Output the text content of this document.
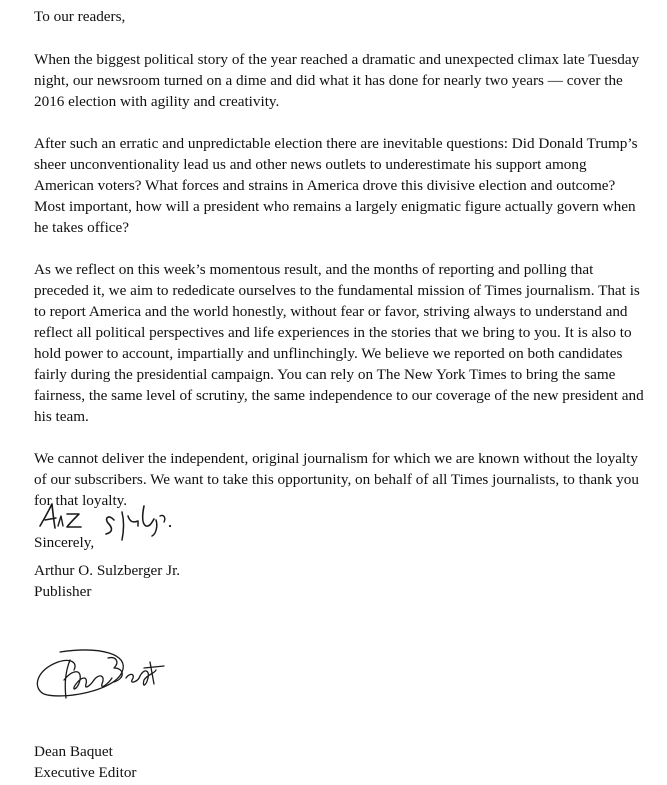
To our readers,

When the biggest political story of the year reached a dramatic and unexpected climax late Tuesday night, our newsroom turned on a dime and did what it has done for nearly two years — cover the 2016 election with agility and creativity.

After such an erratic and unpredictable election there are inevitable questions: Did Donald Trump’s sheer unconventionality lead us and other news outlets to underestimate his support among American voters? What forces and strains in America drove this divisive election and outcome? Most important, how will a president who remains a largely enigmatic figure actually govern when he takes office?

As we reflect on this week’s momentous result, and the months of reporting and polling that preceded it, we aim to rededicate ourselves to the fundamental mission of Times journalism. That is to report America and the world honestly, without fear or favor, striving always to understand and reflect all political perspectives and life experiences in the stories that we bring to you. It is also to hold power to account, impartially and unflinchingly. We believe we reported on both candidates fairly during the presidential campaign. You can rely on The New York Times to bring the same fairness, the same level of scrutiny, the same independence to our coverage of the new president and his team.

We cannot deliver the independent, original journalism for which we are known without the loyalty of our subscribers. We want to take this opportunity, on behalf of all Times journalists, to thank you for that loyalty.

Sincerely,

Arthur O. Sulzberger Jr.
Publisher
Dean Baquet
Executive Editor
